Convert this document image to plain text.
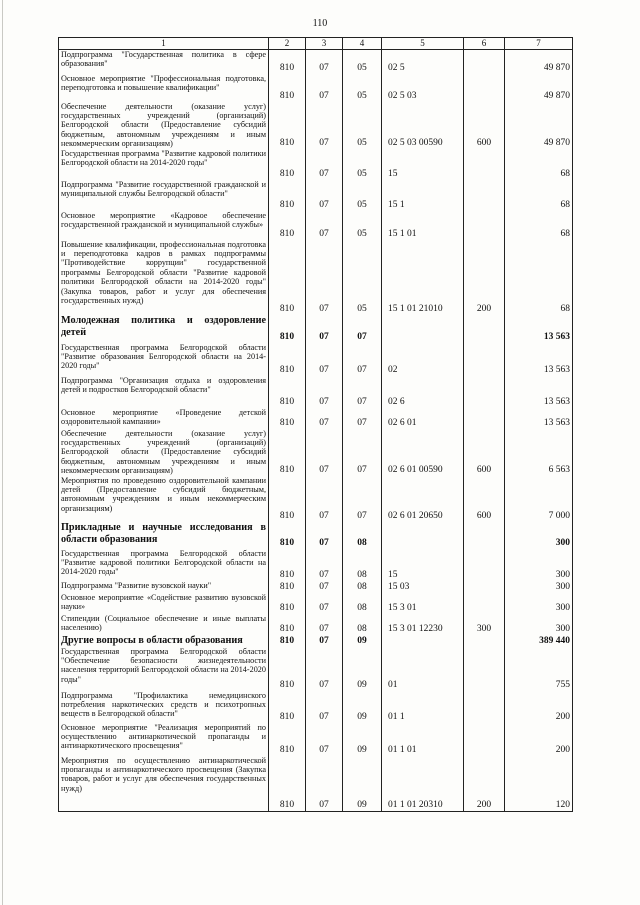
110
1	2	3	4	5	6	7
Подпрограмма "Государственная политика в сфере образования"	810	07	05	02 5		49 870
Основное мероприятие "Профессиональная подготовка, переподготовка и повышение квалификации"	810	07	05	02 5 03		49 870
Обеспечение деятельности (оказание услуг) государственных учреждений (организаций) Белгородской области (Предоставление субсидий бюджетным, автономным учреждениям и иным некоммерческим организациям)	810	07	05	02 5 03 00590	600	49 870
Государственная программа "Развитие кадровой политики Белгородской области на 2014-2020 годы"	810	07	05	15		68
Подпрограмма "Развитие государственной гражданской и муниципальной службы Белгородской области"	810	07	05	15 1		68
Основное мероприятие «Кадровое обеспечение государственной гражданской и муниципальной службы»	810	07	05	15 1 01		68
Повышение квалификации, профессиональная подготовка и переподготовка кадров в рамках подпрограммы "Противодействие коррупции" государственной программы Белгородской области "Развитие кадровой политики Белгородской области на 2014-2020 годы" (Закупка товаров, работ и услуг для обеспечения государственных нужд)	810	07	05	15 1 01 21010	200	68
Молодежная политика и оздоровление детей	810	07	07			13 563
Государственная программа Белгородской области "Развитие образования Белгородской области на 2014-2020 годы"	810	07	07	02		13 563
Подпрограмма "Организация отдыха и оздоровления детей и подростков Белгородской области"	810	07	07	02 6		13 563
Основное мероприятие «Проведение детской оздоровительной кампании»	810	07	07	02 6 01		13 563
Обеспечение деятельности (оказание услуг) государственных учреждений (организаций) Белгородской области (Предоставление субсидий бюджетным, автономным учреждениям и иным некоммерческим организациям)	810	07	07	02 6 01 00590	600	6 563
Мероприятия по проведению оздоровительной кампании детей (Предоставление субсидий бюджетным, автономным учреждениям и иным некоммерческим организациям)	810	07	07	02 6 01 20650	600	7 000
Прикладные и научные исследования в области образования	810	07	08			300
Государственная программа Белгородской области "Развитие кадровой политики Белгородской области на 2014-2020 годы"	810	07	08	15		300
Подпрограмма "Развитие вузовской науки"	810	07	08	15 03		300
Основное мероприятие «Содействие развитию вузовской науки»	810	07	08	15 3 01		300
Стипендии (Социальное обеспечение и иные выплаты населению)	810	07	08	15 3 01 12230	300	300
Другие вопросы в области образования	810	07	09			389 440
Государственная программа Белгородской области "Обеспечение безопасности жизнедеятельности населения территорий Белгородской области на 2014-2020 годы"	810	07	09	01		755
Подпрограмма "Профилактика немедицинского потребления наркотических средств и психотропных веществ в Белгородской области"	810	07	09	01 1		200
Основное мероприятие "Реализация мероприятий по осуществлению антинаркотической пропаганды и антинаркотического просвещения"	810	07	09	01 1 01		200
Мероприятия по осуществлению антинаркотической пропаганды и антинаркотического просвещения (Закупка товаров, работ и услуг для обеспечения государственных нужд)	810	07	09	01 1 01 20310	200	120
